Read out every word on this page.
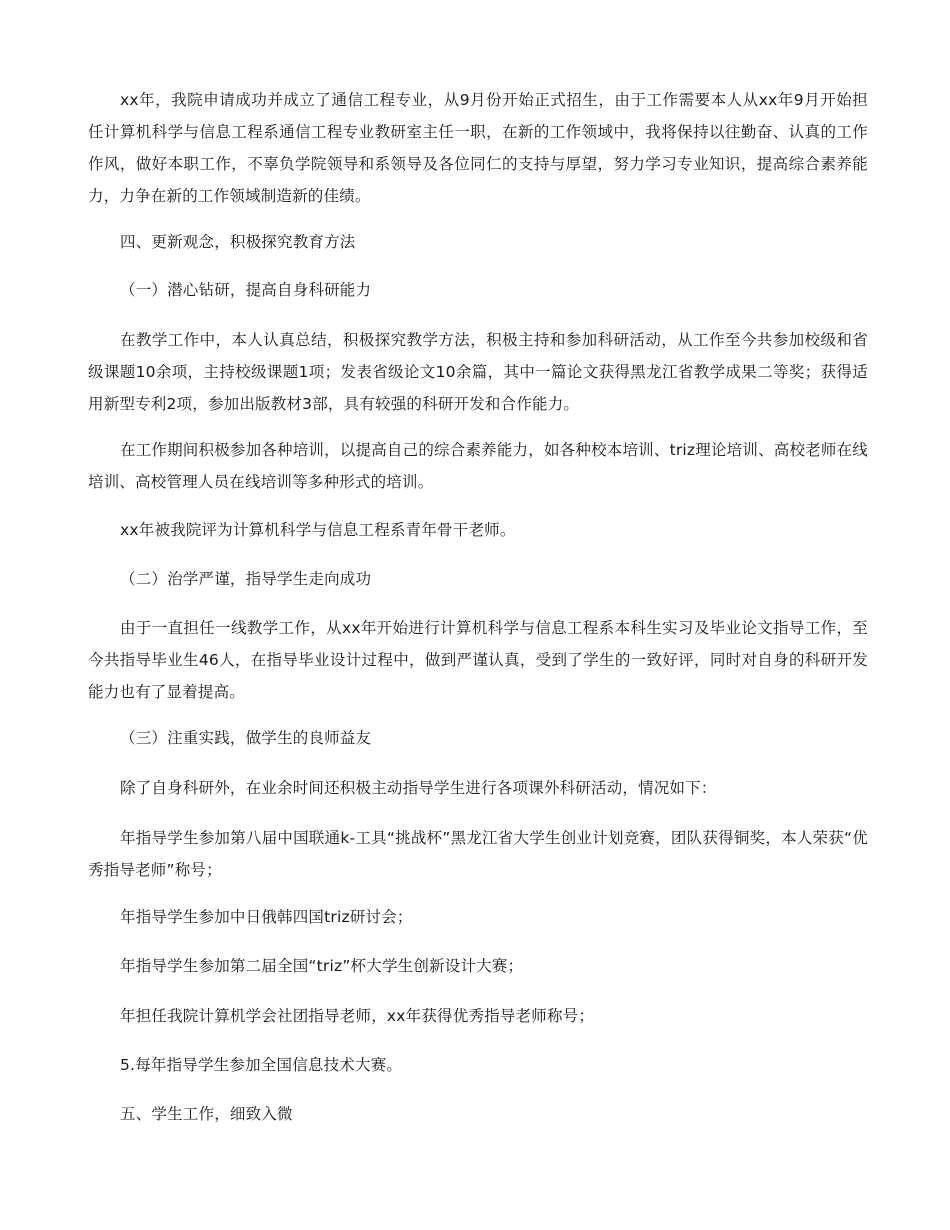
xx年，我院申请成功并成立了通信工程专业，从9月份开始正式招生，由于工作需要本人从xx年9月开始担任计算机科学与信息工程系通信工程专业教研室主任一职，在新的工作领域中，我将保持以往勤奋、认真的工作作风，做好本职工作，不辜负学院领导和系领导及各位同仁的支持与厚望，努力学习专业知识，提高综合素养能力，力争在新的工作领域制造新的佳绩。

四、更新观念，积极探究教育方法

（一）潜心钻研，提高自身科研能力

在教学工作中，本人认真总结，积极探究教学方法，积极主持和参加科研活动，从工作至今共参加校级和省级课题10余项，主持校级课题1项；发表省级论文10余篇，其中一篇论文获得黑龙江省教学成果二等奖；获得适用新型专利2项，参加出版教材3部，具有较强的科研开发和合作能力。

在工作期间积极参加各种培训，以提高自己的综合素养能力，如各种校本培训、triz理论培训、高校老师在线培训、高校管理人员在线培训等多种形式的培训。

xx年被我院评为计算机科学与信息工程系青年骨干老师。

（二）治学严谨，指导学生走向成功

由于一直担任一线教学工作，从xx年开始进行计算机科学与信息工程系本科生实习及毕业论文指导工作，至今共指导毕业生46人，在指导毕业设计过程中，做到严谨认真，受到了学生的一致好评，同时对自身的科研开发能力也有了显着提高。

（三）注重实践，做学生的良师益友

除了自身科研外，在业余时间还积极主动指导学生进行各项课外科研活动，情况如下：

年指导学生参加第八届中国联通k-工具“挑战杯”黑龙江省大学生创业计划竞赛，团队获得铜奖，本人荣获“优秀指导老师”称号；

年指导学生参加中日俄韩四国triz研讨会；

年指导学生参加第二届全国“triz”杯大学生创新设计大赛；

年担任我院计算机学会社团指导老师，xx年获得优秀指导老师称号；

5.每年指导学生参加全国信息技术大赛。

五、学生工作，细致入微
